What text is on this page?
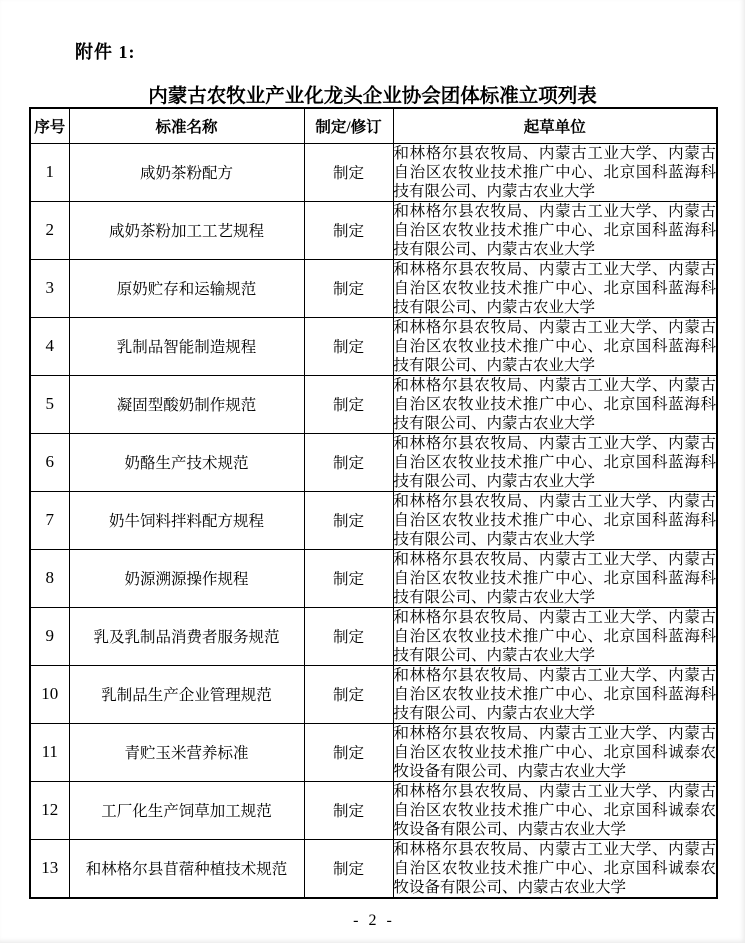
附件 1:
内蒙古农牧业产业化龙头企业协会团体标准立项列表
序号	标准名称	制定/修订	起草单位
1	咸奶茶粉配方	制定	和林格尔县农牧局、内蒙古工业大学、内蒙古自治区农牧业技术推广中心、北京国科蓝海科技有限公司、内蒙古农业大学
2	咸奶茶粉加工工艺规程	制定	和林格尔县农牧局、内蒙古工业大学、内蒙古自治区农牧业技术推广中心、北京国科蓝海科技有限公司、内蒙古农业大学
3	原奶贮存和运输规范	制定	和林格尔县农牧局、内蒙古工业大学、内蒙古自治区农牧业技术推广中心、北京国科蓝海科技有限公司、内蒙古农业大学
4	乳制品智能制造规程	制定	和林格尔县农牧局、内蒙古工业大学、内蒙古自治区农牧业技术推广中心、北京国科蓝海科技有限公司、内蒙古农业大学
5	凝固型酸奶制作规范	制定	和林格尔县农牧局、内蒙古工业大学、内蒙古自治区农牧业技术推广中心、北京国科蓝海科技有限公司、内蒙古农业大学
6	奶酪生产技术规范	制定	和林格尔县农牧局、内蒙古工业大学、内蒙古自治区农牧业技术推广中心、北京国科蓝海科技有限公司、内蒙古农业大学
7	奶牛饲料拌料配方规程	制定	和林格尔县农牧局、内蒙古工业大学、内蒙古自治区农牧业技术推广中心、北京国科蓝海科技有限公司、内蒙古农业大学
8	奶源溯源操作规程	制定	和林格尔县农牧局、内蒙古工业大学、内蒙古自治区农牧业技术推广中心、北京国科蓝海科技有限公司、内蒙古农业大学
9	乳及乳制品消费者服务规范	制定	和林格尔县农牧局、内蒙古工业大学、内蒙古自治区农牧业技术推广中心、北京国科蓝海科技有限公司、内蒙古农业大学
10	乳制品生产企业管理规范	制定	和林格尔县农牧局、内蒙古工业大学、内蒙古自治区农牧业技术推广中心、北京国科蓝海科技有限公司、内蒙古农业大学
11	青贮玉米营养标准	制定	和林格尔县农牧局、内蒙古工业大学、内蒙古自治区农牧业技术推广中心、北京国科诚泰农牧设备有限公司、内蒙古农业大学
12	工厂化生产饲草加工规范	制定	和林格尔县农牧局、内蒙古工业大学、内蒙古自治区农牧业技术推广中心、北京国科诚泰农牧设备有限公司、内蒙古农业大学
13	和林格尔县苜蓿种植技术规范	制定	和林格尔县农牧局、内蒙古工业大学、内蒙古自治区农牧业技术推广中心、北京国科诚泰农牧设备有限公司、内蒙古农业大学
- 2 -
